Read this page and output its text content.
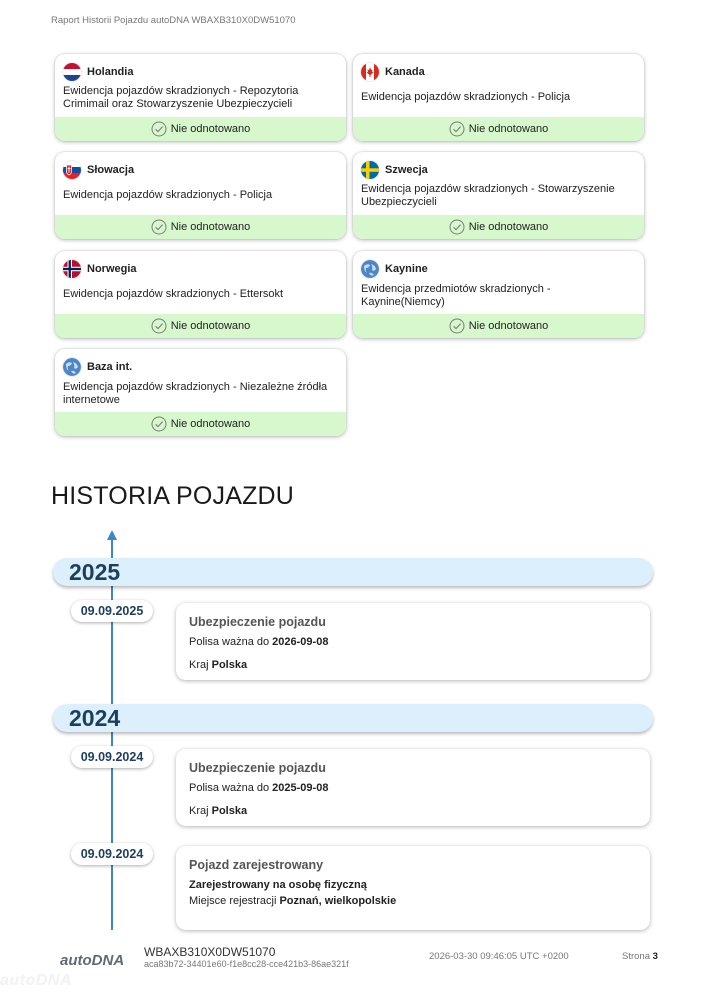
Raport Historii Pojazdu autoDNA WBAXB310X0DW51070
Holandia
Ewidencja pojazdów skradzionych - Repozytoria Crimimail oraz Stowarzyszenie Ubezpieczycieli
Nie odnotowano
Kanada
Ewidencja pojazdów skradzionych - Policja
Nie odnotowano
Słowacja
Ewidencja pojazdów skradzionych - Policja
Nie odnotowano
Szwecja
Ewidencja pojazdów skradzionych - Stowarzyszenie Ubezpieczycieli
Nie odnotowano
Norwegia
Ewidencja pojazdów skradzionych - Ettersokt
Nie odnotowano
Kaynine
Ewidencja przedmiotów skradzionych - Kaynine(Niemcy)
Nie odnotowano
Baza int.
Ewidencja pojazdów skradzionych - Niezależne źródła internetowe
Nie odnotowano
HISTORIA POJAZDU
2025
09.09.2025
Ubezpieczenie pojazdu
Polisa ważna do 2026-09-08
Kraj Polska
2024
09.09.2024
Ubezpieczenie pojazdu
Polisa ważna do 2025-09-08
Kraj Polska
09.09.2024
Pojazd zarejestrowany
Zarejestrowany na osobę fizyczną
Miejsce rejestracji Poznań, wielkopolskie
autoDNA
autoDNA WBAXB310X0DW51070
aca83b72-34401e60-f1e8cc28-cce421b3-86ae321f
2026-03-30 09:46:05 UTC +0200	Strona 3
